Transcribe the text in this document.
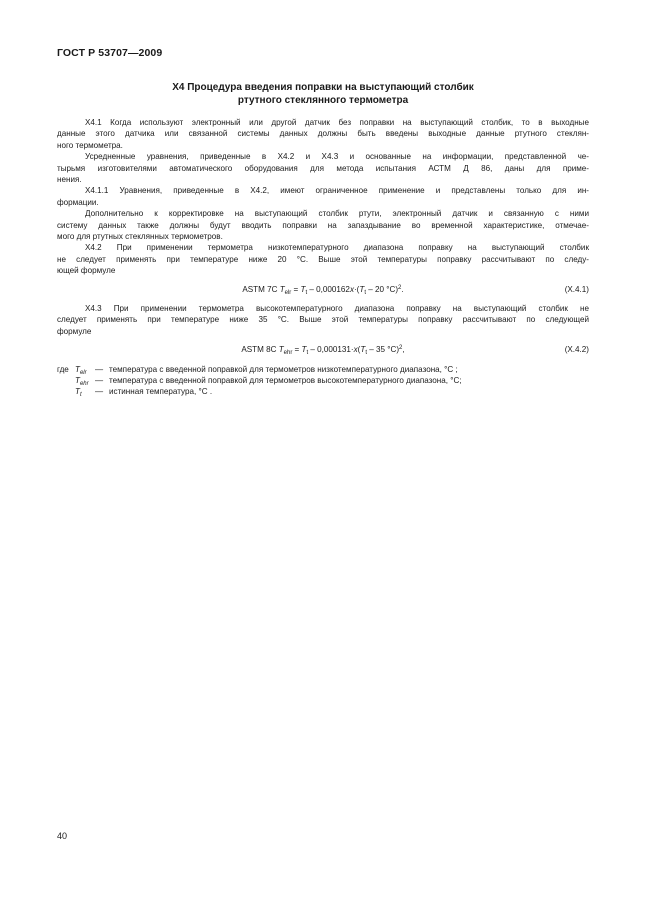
ГОСТ Р 53707—2009
Х4 Процедура введения поправки на выступающий столбик
ртутного стеклянного термометра

Х4.1 Когда используют электронный или другой датчик без поправки на выступающий столбик, то в выходные
данные этого датчика или связанной системы данных должны быть введены выходные данные ртутного стеклян-
ного термометра.

Усредненные уравнения, приведенные в Х4.2 и Х4.3 и основанные на информации, представленной че-
тырьмя изготовителями автоматического оборудования для метода испытания АСТМ Д 86, даны для приме-
нения.

Х4.1.1 Уравнения, приведенные в Х4.2, имеют ограниченное применение и представлены только для ин-
формации.

Дополнительно к корректировке на выступающий столбик ртути, электронный датчик и связанную с ними
систему данных также должны будут вводить поправки на запаздывание во временной характеристике, отмечае-
мого для ртутных стеклянных термометров.

Х4.2 При применении термометра низкотемпературного диапазона поправку на выступающий столбик
не следует применять при температуре ниже 20 °С. Выше этой температуры поправку рассчитывают по следу-
ющей формуле

ASTM 7C $T_{elr} = T_t - 0,000162x\cdot(T_t - 20$ °C)$^2$.	(X.4.1)

Х4.3 При применении термометра высокотемпературного диапазона поправку на выступающий столбик не
следует применять при температуре ниже 35 °С. Выше этой температуры поправку рассчитывают по следующей
формуле

ASTM 8C $T_{ehr} = T_t - 0,000131\cdot x(T_t - 35$ °C)$^2$,	(X.4.2)
где $T_{elr}$	— температура с введенной поправкой для термометров низкотемпературного диапазона, °С ;
$T_{ehr}$ — температура с введенной поправкой для термометров высокотемпературного диапазона, °С;
$T_t$	— истинная температура, °С .
40
